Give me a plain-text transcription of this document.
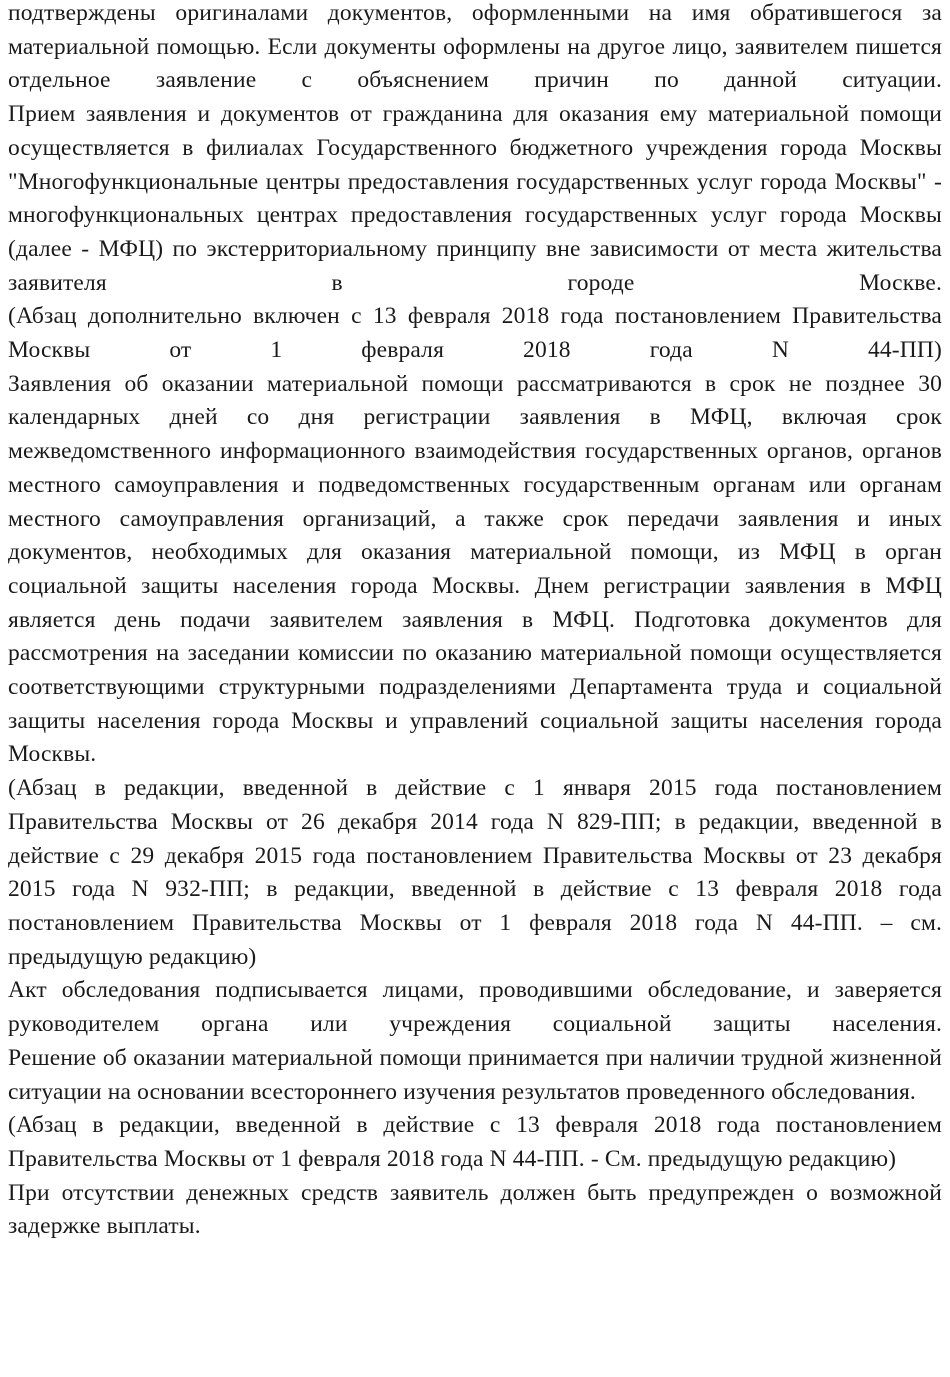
подтверждены оригиналами документов, оформленными на имя обратившегося за материальной помощью. Если документы оформлены на другое лицо, заявителем пишется отдельное заявление с объяснением причин по данной ситуации.

Прием заявления и документов от гражданина для оказания ему материальной помощи осуществляется в филиалах Государственного бюджетного учреждения города Москвы "Многофункциональные центры предоставления государственных услуг города Москвы" - многофункциональных центрах предоставления государственных услуг города Москвы (далее - МФЦ) по экстерриториальному принципу вне зависимости от места жительства заявителя в городе Москве.

(Абзац дополнительно включен с 13 февраля 2018 года постановлением Правительства Москвы от 1 февраля 2018 года N 44-ПП)

Заявления об оказании материальной помощи рассматриваются в срок не позднее 30 календарных дней со дня регистрации заявления в МФЦ, включая срок межведомственного информационного взаимодействия государственных органов, органов местного самоуправления и подведомственных государственным органам или органам местного самоуправления организаций, а также срок передачи заявления и иных документов, необходимых для оказания материальной помощи, из МФЦ в орган социальной защиты населения города Москвы. Днем регистрации заявления в МФЦ является день подачи заявителем заявления в МФЦ. Подготовка документов для рассмотрения на заседании комиссии по оказанию материальной помощи осуществляется соответствующими структурными подразделениями Департамента труда и социальной защиты населения города Москвы и управлений социальной защиты населения города Москвы.

(Абзац в редакции, введенной в действие с 1 января 2015 года постановлением Правительства Москвы от 26 декабря 2014 года N 829-ПП; в редакции, введенной в действие с 29 декабря 2015 года постановлением Правительства Москвы от 23 декабря 2015 года N 932-ПП; в редакции, введенной в действие с 13 февраля 2018 года постановлением Правительства Москвы от 1 февраля 2018 года N 44-ПП. – см. предыдущую редакцию)

Акт обследования подписывается лицами, проводившими обследование, и заверяется руководителем органа или учреждения социальной защиты населения.

Решение об оказании материальной помощи принимается при наличии трудной жизненной ситуации на основании всестороннего изучения результатов проведенного обследования.

(Абзац в редакции, введенной в действие с 13 февраля 2018 года постановлением Правительства Москвы от 1 февраля 2018 года N 44-ПП. - См. предыдущую редакцию)

При отсутствии денежных средств заявитель должен быть предупрежден о возможной задержке выплаты.
